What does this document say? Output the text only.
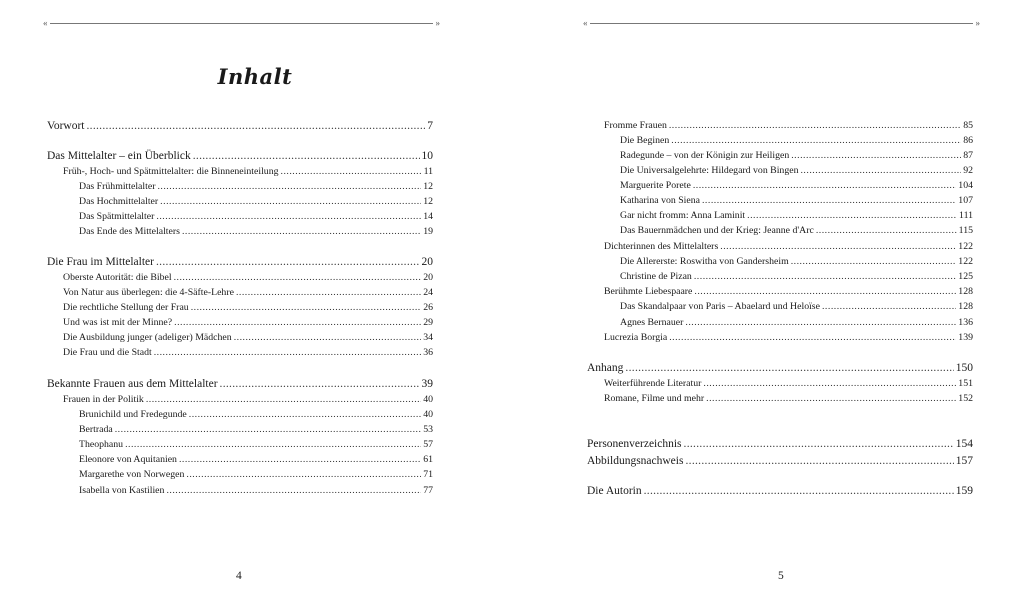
« »
Inhalt
Vorwort .....	7
Das Mittelalter – ein Überblick .....	10
Früh-, Hoch- und Spätmittelalter: die Binneneinteilung .....	11
Das Frühmittelalter .....	12
Das Hochmittelalter .....	12
Das Spätmittelalter .....	14
Das Ende des Mittelalters .....	19
Die Frau im Mittelalter .....	20
Oberste Autorität: die Bibel .....	20
Von Natur aus überlegen: die 4-Säfte-Lehre .....	24
Die rechtliche Stellung der Frau .....	26
Und was ist mit der Minne? .....	29
Die Ausbildung junger (adeliger) Mädchen .....	34
Die Frau und die Stadt .....	36
Bekannte Frauen aus dem Mittelalter .....	39
Frauen in der Politik .....	40
Brunichild und Fredegunde .....	40
Bertrada .....	53
Theophanu .....	57
Eleonore von Aquitanien .....	61
Margarethe von Norwegen .....	71
Isabella von Kastilien .....	77
4
« »
Fromme Frauen .....	85
Die Beginen .....	86
Radegunde – von der Königin zur Heiligen .....	87
Die Universalgelehrte: Hildegard von Bingen .....	92
Marguerite Porete .....	104
Katharina von Siena .....	107
Gar nicht fromm: Anna Laminit .....	111
Das Bauernmädchen und der Krieg: Jeanne d'Arc .....	115
Dichterinnen des Mittelalters .....	122
Die Allererste: Roswitha von Gandersheim .....	122
Christine de Pizan .....	125
Berühmte Liebespaare .....	128
Das Skandalpaar von Paris – Abaelard und Heloïse .....	128
Agnes Bernauer .....	136
Lucrezia Borgia .....	139
Anhang .....	150
Weiterführende Literatur .....	151
Romane, Filme und mehr .....	152
Personenverzeichnis .....	154
Abbildungsnachweis .....	157
Die Autorin .....	159
5
